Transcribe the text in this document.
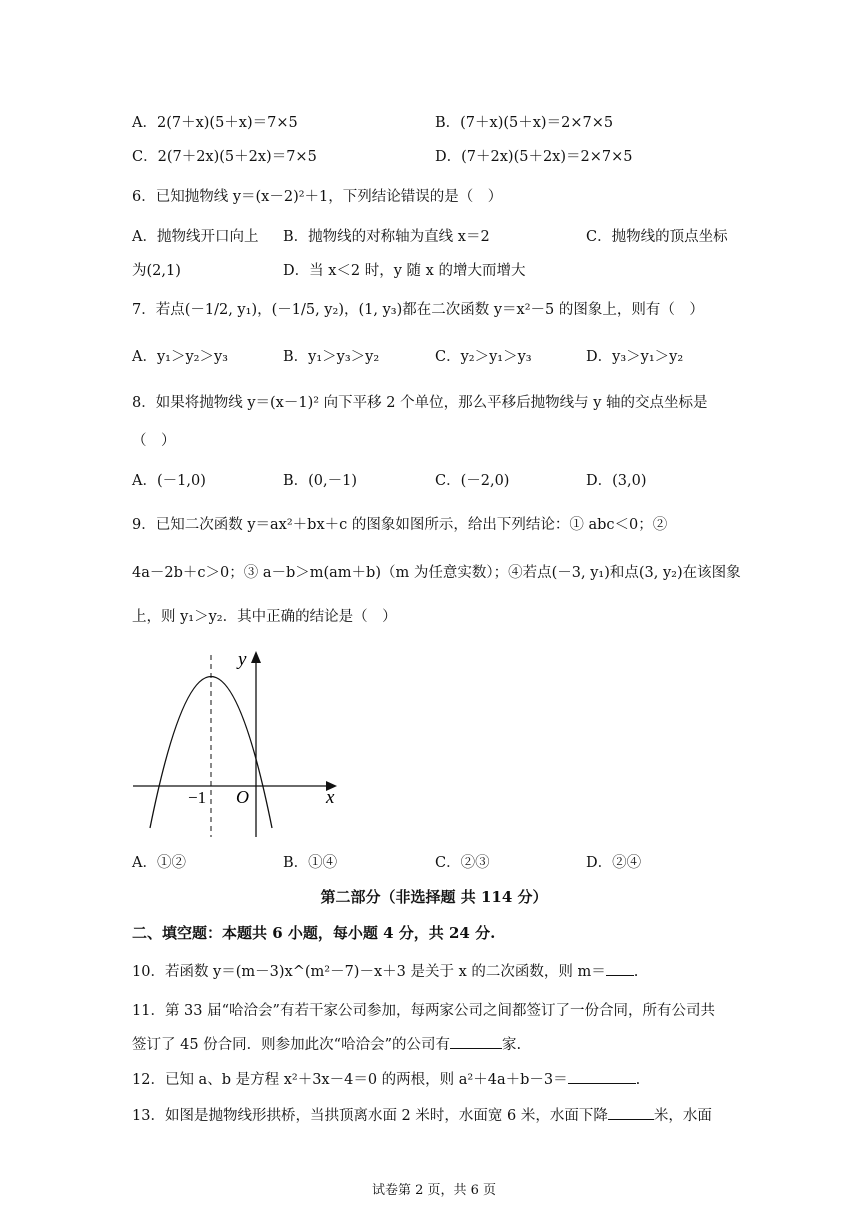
A．2(7＋x)(5＋x)＝7×5	B．(7＋x)(5＋x)＝2×7×5
C．2(7＋2x)(5＋2x)＝7×5	D．(7＋2x)(5＋2x)＝2×7×5
6．已知抛物线 y＝(x－2)²＋1，下列结论错误的是（　）
A．抛物线开口向上 B．抛物线的对称轴为直线 x＝2	C．抛物线的顶点坐标
为(2,1)	D．当 x＜2 时，y 随 x 的增大而增大
7．若点(－1/2, y₁)，(－1/5, y₂)，(1, y₃)都在二次函数 y＝x²－5 的图象上，则有（　）
A．y₁＞y₂＞y₃	B．y₁＞y₃＞y₂	C．y₂＞y₁＞y₃	D．y₃＞y₁＞y₂
8．如果将抛物线 y＝(x－1)² 向下平移 2 个单位，那么平移后抛物线与 y 轴的交点坐标是
（　）
A．(－1,0)	B．(0,－1)	C．(－2,0)	D．(3,0)
9．已知二次函数 y＝ax²＋bx＋c 的图象如图所示，给出下列结论：① abc＜0；②
4a－2b＋c＞0；③ a－b＞m(am＋b)（m 为任意实数）；④若点(－3, y₁)和点(3, y₂)在该图象
上，则 y₁＞y₂．其中正确的结论是（　）
y
x
O
−1
A．①②	B．①④	C．②③	D．②④
第二部分（非选择题 共 114 分）
二、填空题：本题共 6 小题，每小题 4 分，共 24 分.
10．若函数 y＝(m－3)x^(m²－7)－x＋3 是关于 x 的二次函数，则 m＝ .
11．第 33 届“哈洽会”有若干家公司参加，每两家公司之间都签订了一份合同，所有公司共
签订了 45 份合同．则参加此次“哈洽会”的公司有	家.
12．已知 a、b 是方程 x²＋3x－4＝0 的两根，则 a²＋4a＋b－3＝	.
13．如图是抛物线形拱桥，当拱顶离水面 2 米时，水面宽 6 米，水面下降	米，水面
试卷第 2 页，共 6 页
